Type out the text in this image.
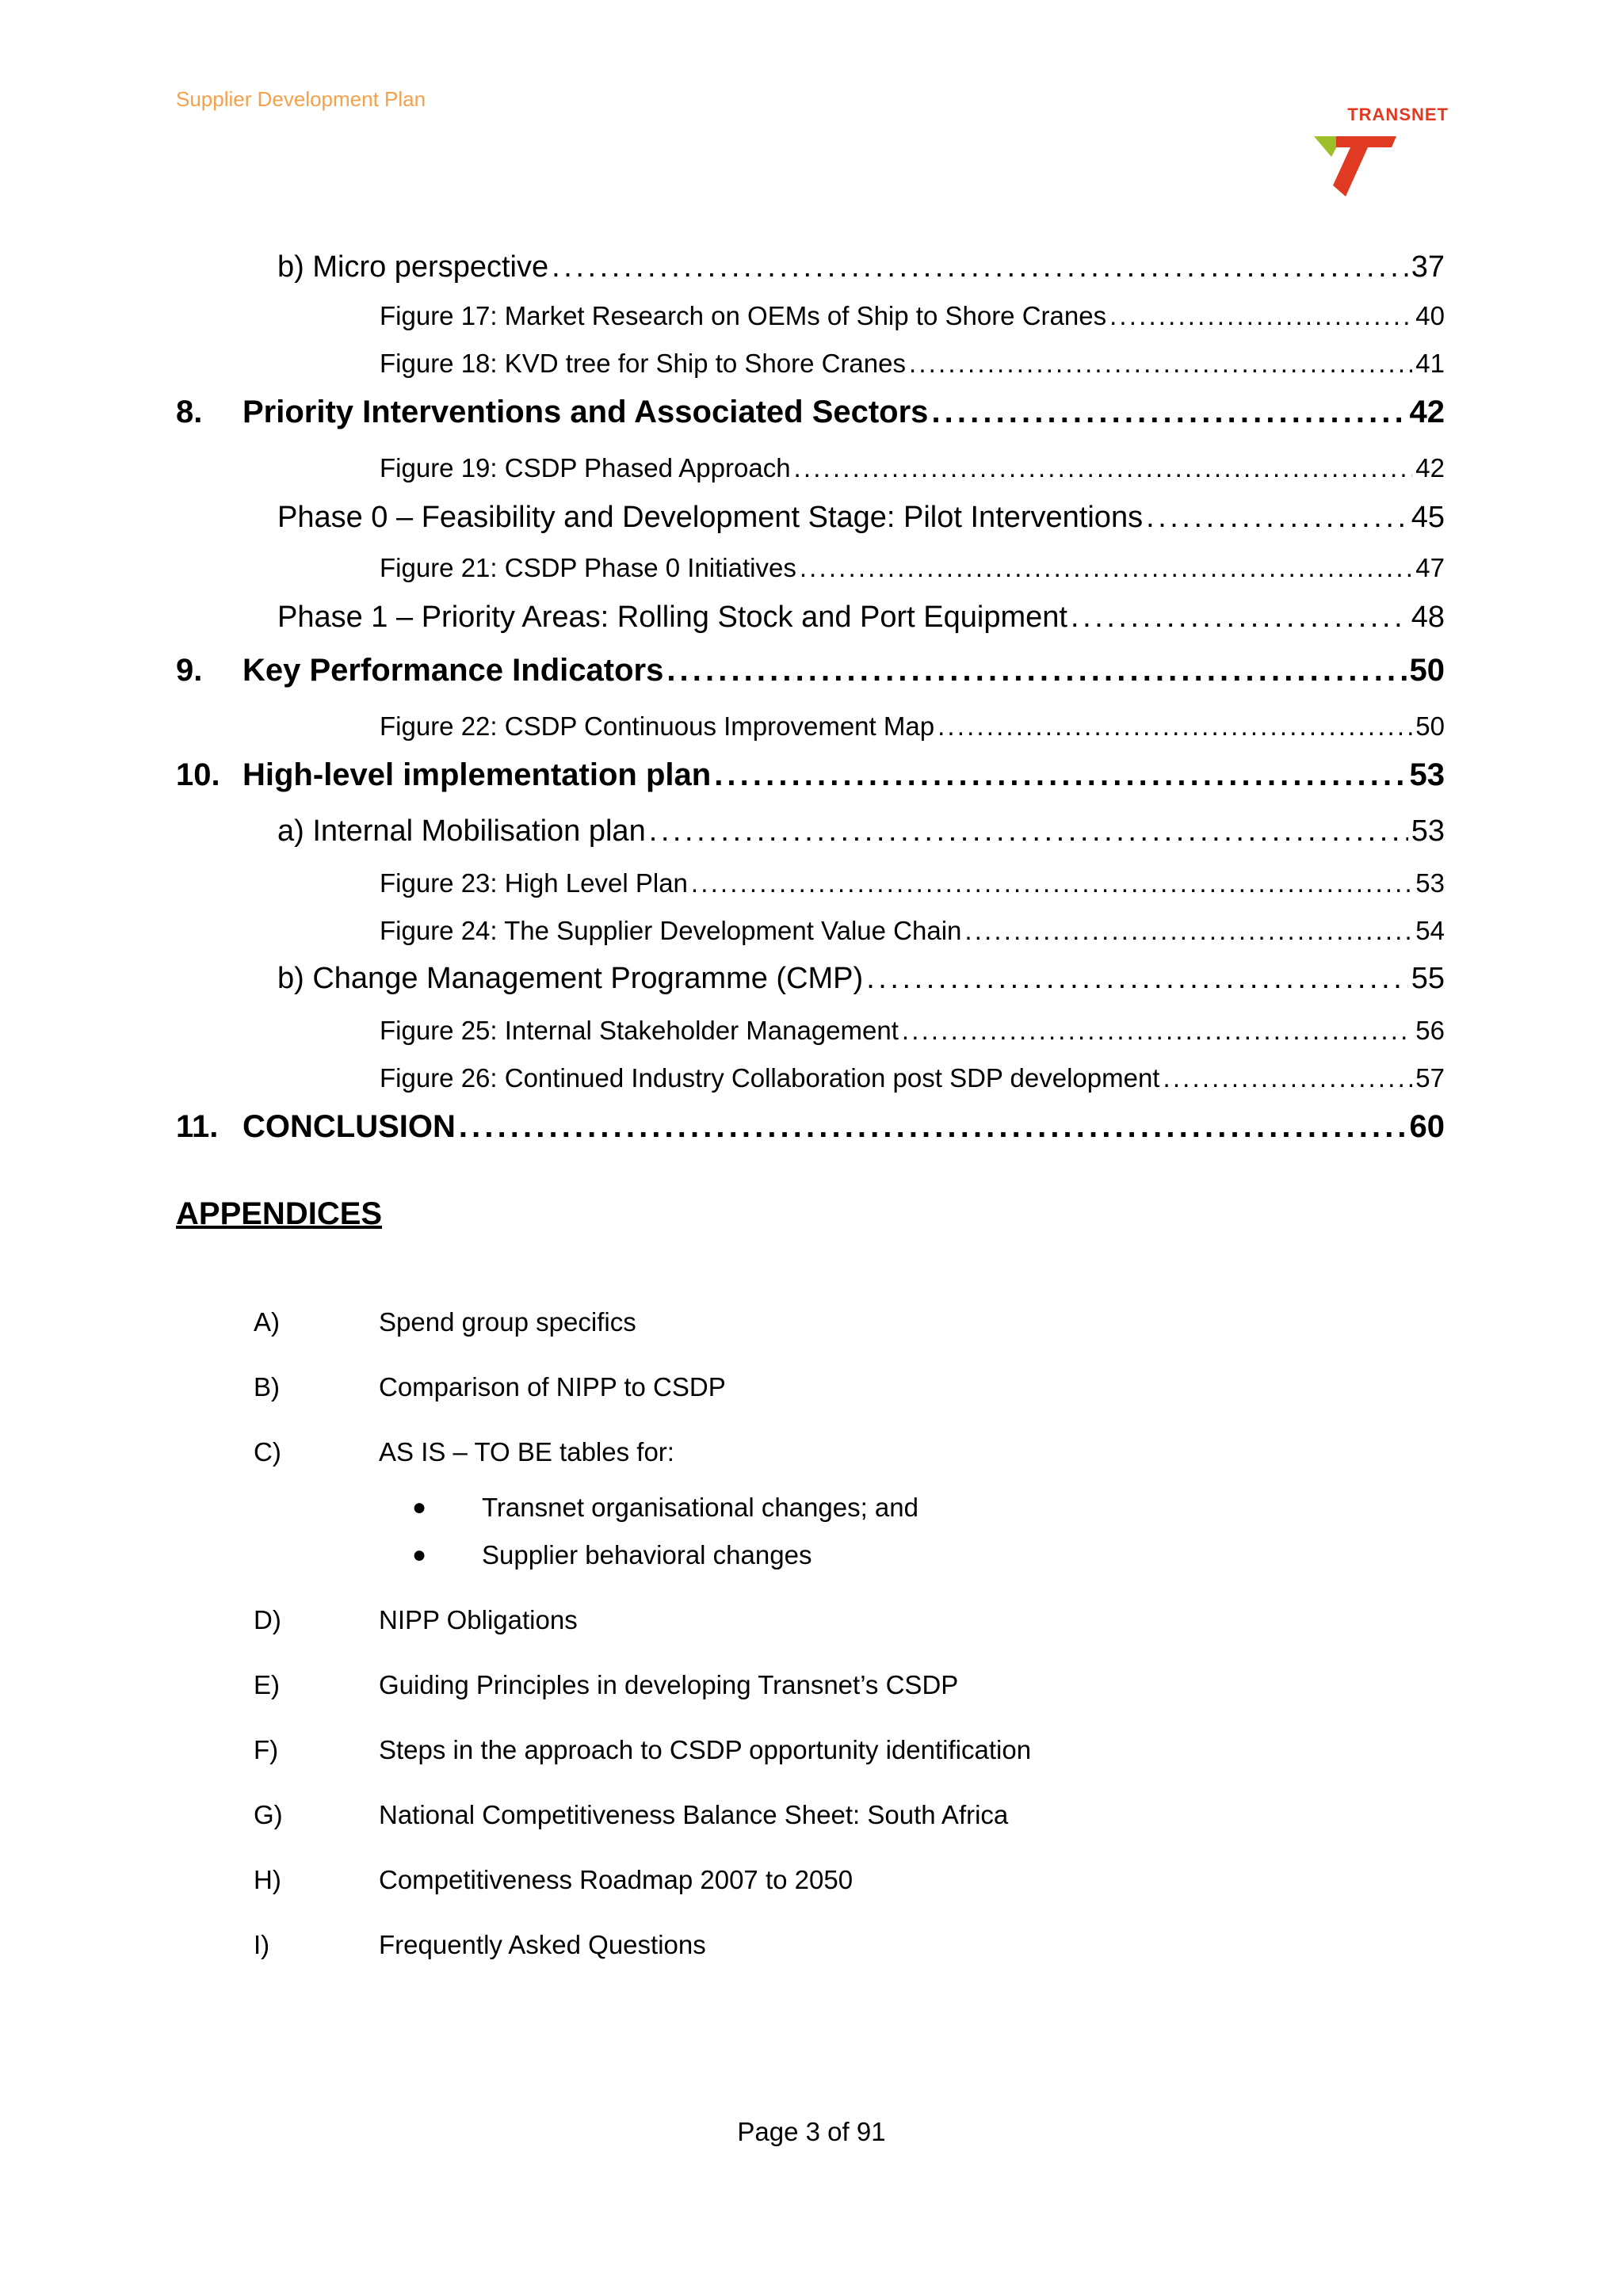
Supplier Development Plan
TRANSNET
b) Micro perspective . . .	37
Figure 17: Market Research on OEMs of Ship to Shore Cranes . . .	40
Figure 18: KVD tree for Ship to Shore Cranes . . .	41
8.	Priority Interventions and Associated Sectors . . .	42
Figure 19: CSDP Phased Approach . . .	42
Phase 0 – Feasibility and Development Stage: Pilot Interventions . . .	45
Figure 21: CSDP Phase 0 Initiatives . . .	47
Phase 1 – Priority Areas: Rolling Stock and Port Equipment . . .	48
9.	Key Performance Indicators . . .	50
Figure 22: CSDP Continuous Improvement Map . . .	50
10. High-level implementation plan . . .	53
a) Internal Mobilisation plan . . .	53
Figure 23: High Level Plan . . .	53
Figure 24: The Supplier Development Value Chain . . .	54
b) Change Management Programme (CMP) . . .	55
Figure 25: Internal Stakeholder Management . . .	56
Figure 26: Continued Industry Collaboration post SDP development . . .	57
11. CONCLUSION . . .	60
APPENDICES
A)	Spend group specifics
B)	Comparison of NIPP to CSDP
C)	AS IS – TO BE tables for:
●	Transnet organisational changes; and
●	Supplier behavioral changes
D)	NIPP Obligations
E)	Guiding Principles in developing Transnet’s CSDP
F)	Steps in the approach to CSDP opportunity identification
G)	National Competitiveness Balance Sheet: South Africa
H)	Competitiveness Roadmap 2007 to 2050
I)	Frequently Asked Questions
Page 3 of 91
